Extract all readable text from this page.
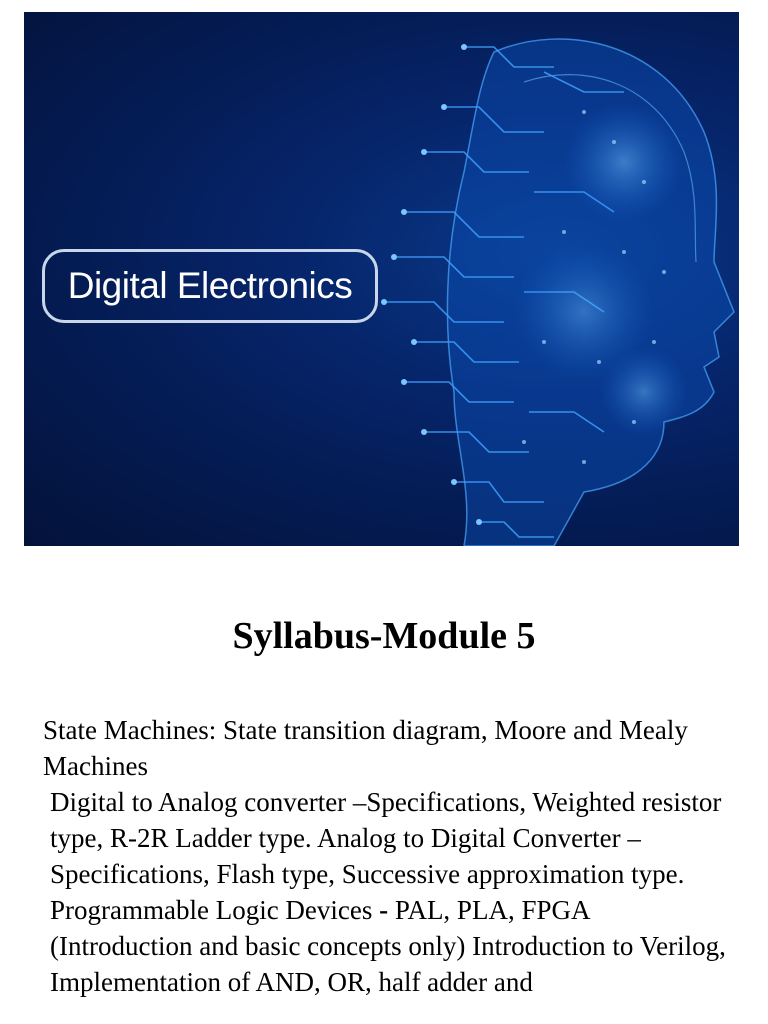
Digital Electronics
Syllabus-Module 5

State Machines: State transition diagram, Moore and Mealy Machines

Digital to Analog converter –Specifications, Weighted resistor type, R-2R Ladder type. Analog to Digital Converter – Specifications, Flash type, Successive approximation type.

Programmable Logic Devices - PAL, PLA, FPGA (Introduction and basic concepts only) Introduction to Verilog, Implementation of AND, OR, half adder and
